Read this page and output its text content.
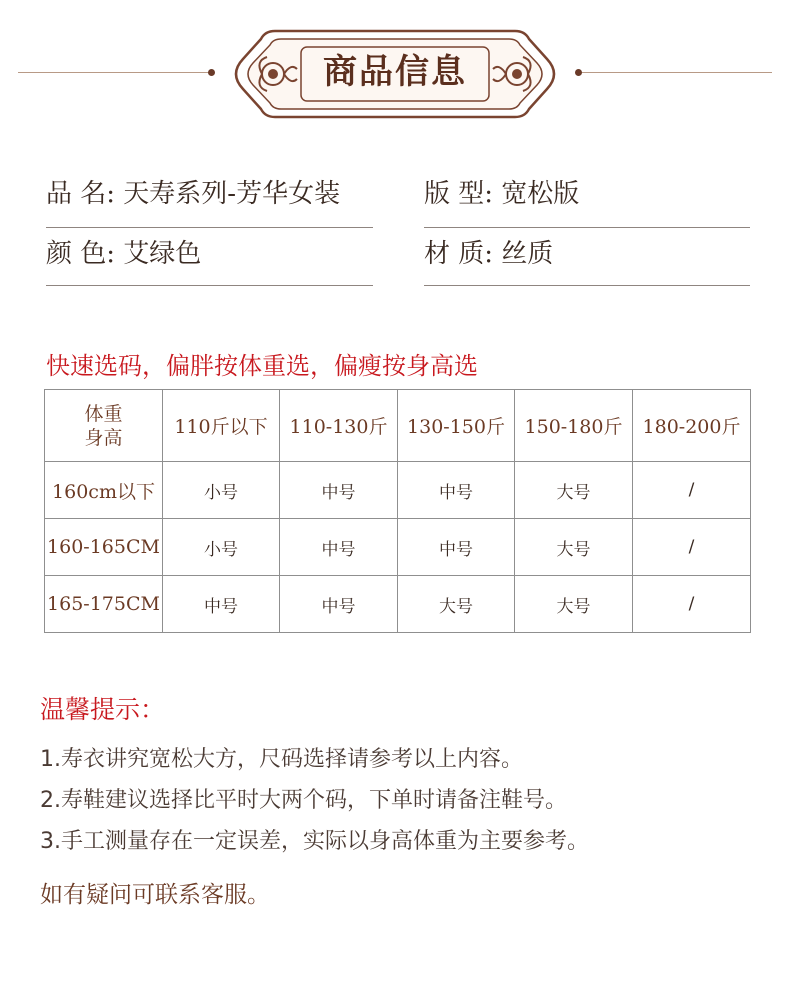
商品信息
品 名: 天寿系列-芳华女装	版 型: 宽松版
颜 色: 艾绿色	材 质: 丝质
快速选码，偏胖按体重选，偏瘦按身高选
体重
身高	110斤以下	110-130斤	130-150斤	150-180斤	180-200斤
160cm以下	小号	中号	中号	大号	/
160-165CM	小号	中号	中号	大号	/
165-175CM	中号	中号	大号	大号	/
温馨提示：
1.寿衣讲究宽松大方，尺码选择请参考以上内容。
2.寿鞋建议选择比平时大两个码，下单时请备注鞋号。
3.手工测量存在一定误差，实际以身高体重为主要参考。
如有疑问可联系客服。
